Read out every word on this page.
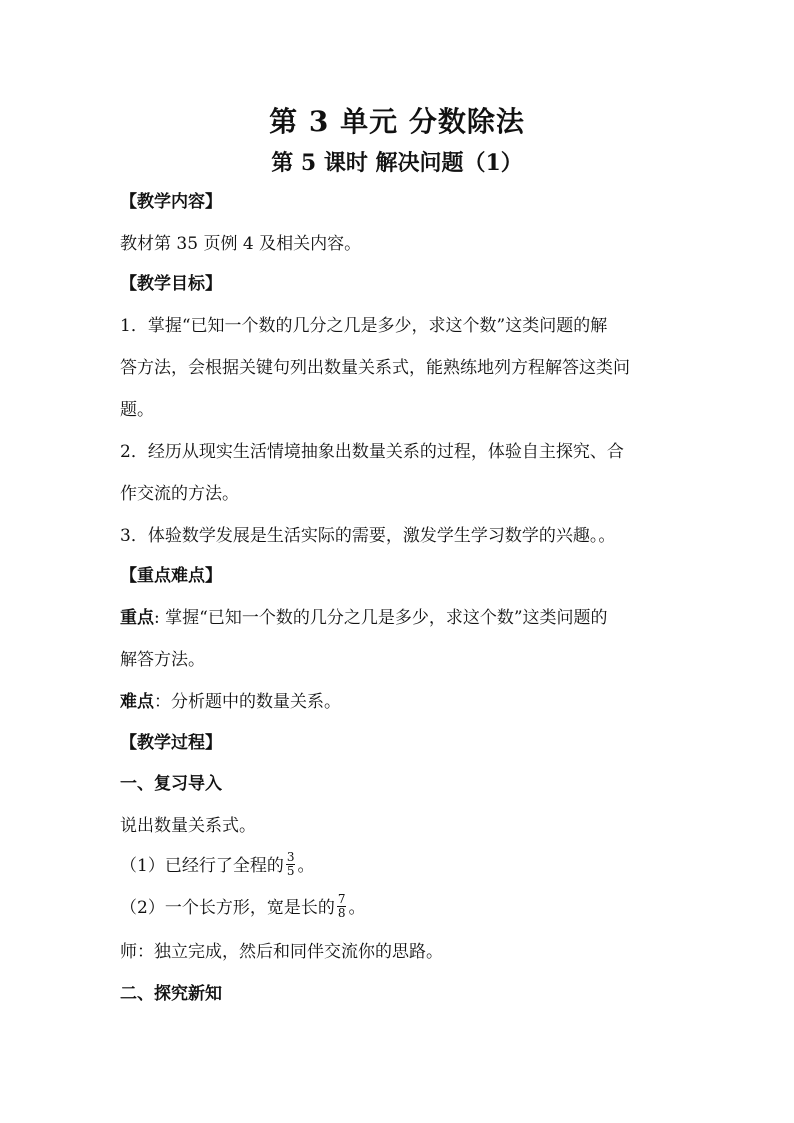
第 3 单元 分数除法
第 5 课时 解决问题（1）
【教学内容】
教材第 35 页例 4 及相关内容。
【教学目标】
1．掌握“已知一个数的几分之几是多少，求这个数”这类问题的解
答方法，会根据关键句列出数量关系式，能熟练地列方程解答这类问
题。
2．经历从现实生活情境抽象出数量关系的过程，体验自主探究、合
作交流的方法。
3．体验数学发展是生活实际的需要，激发学生学习数学的兴趣。。
【重点难点】
重点: 掌握“已知一个数的几分之几是多少，求这个数”这类问题的
解答方法。
难点：分析题中的数量关系。
【教学过程】
一、复习导入
说出数量关系式。
（1）已经行了全程的 $\frac{3}{5}$ 。
（2）一个长方形，宽是长的 $\frac{7}{8}$ 。
师：独立完成，然后和同伴交流你的思路。
二、探究新知
